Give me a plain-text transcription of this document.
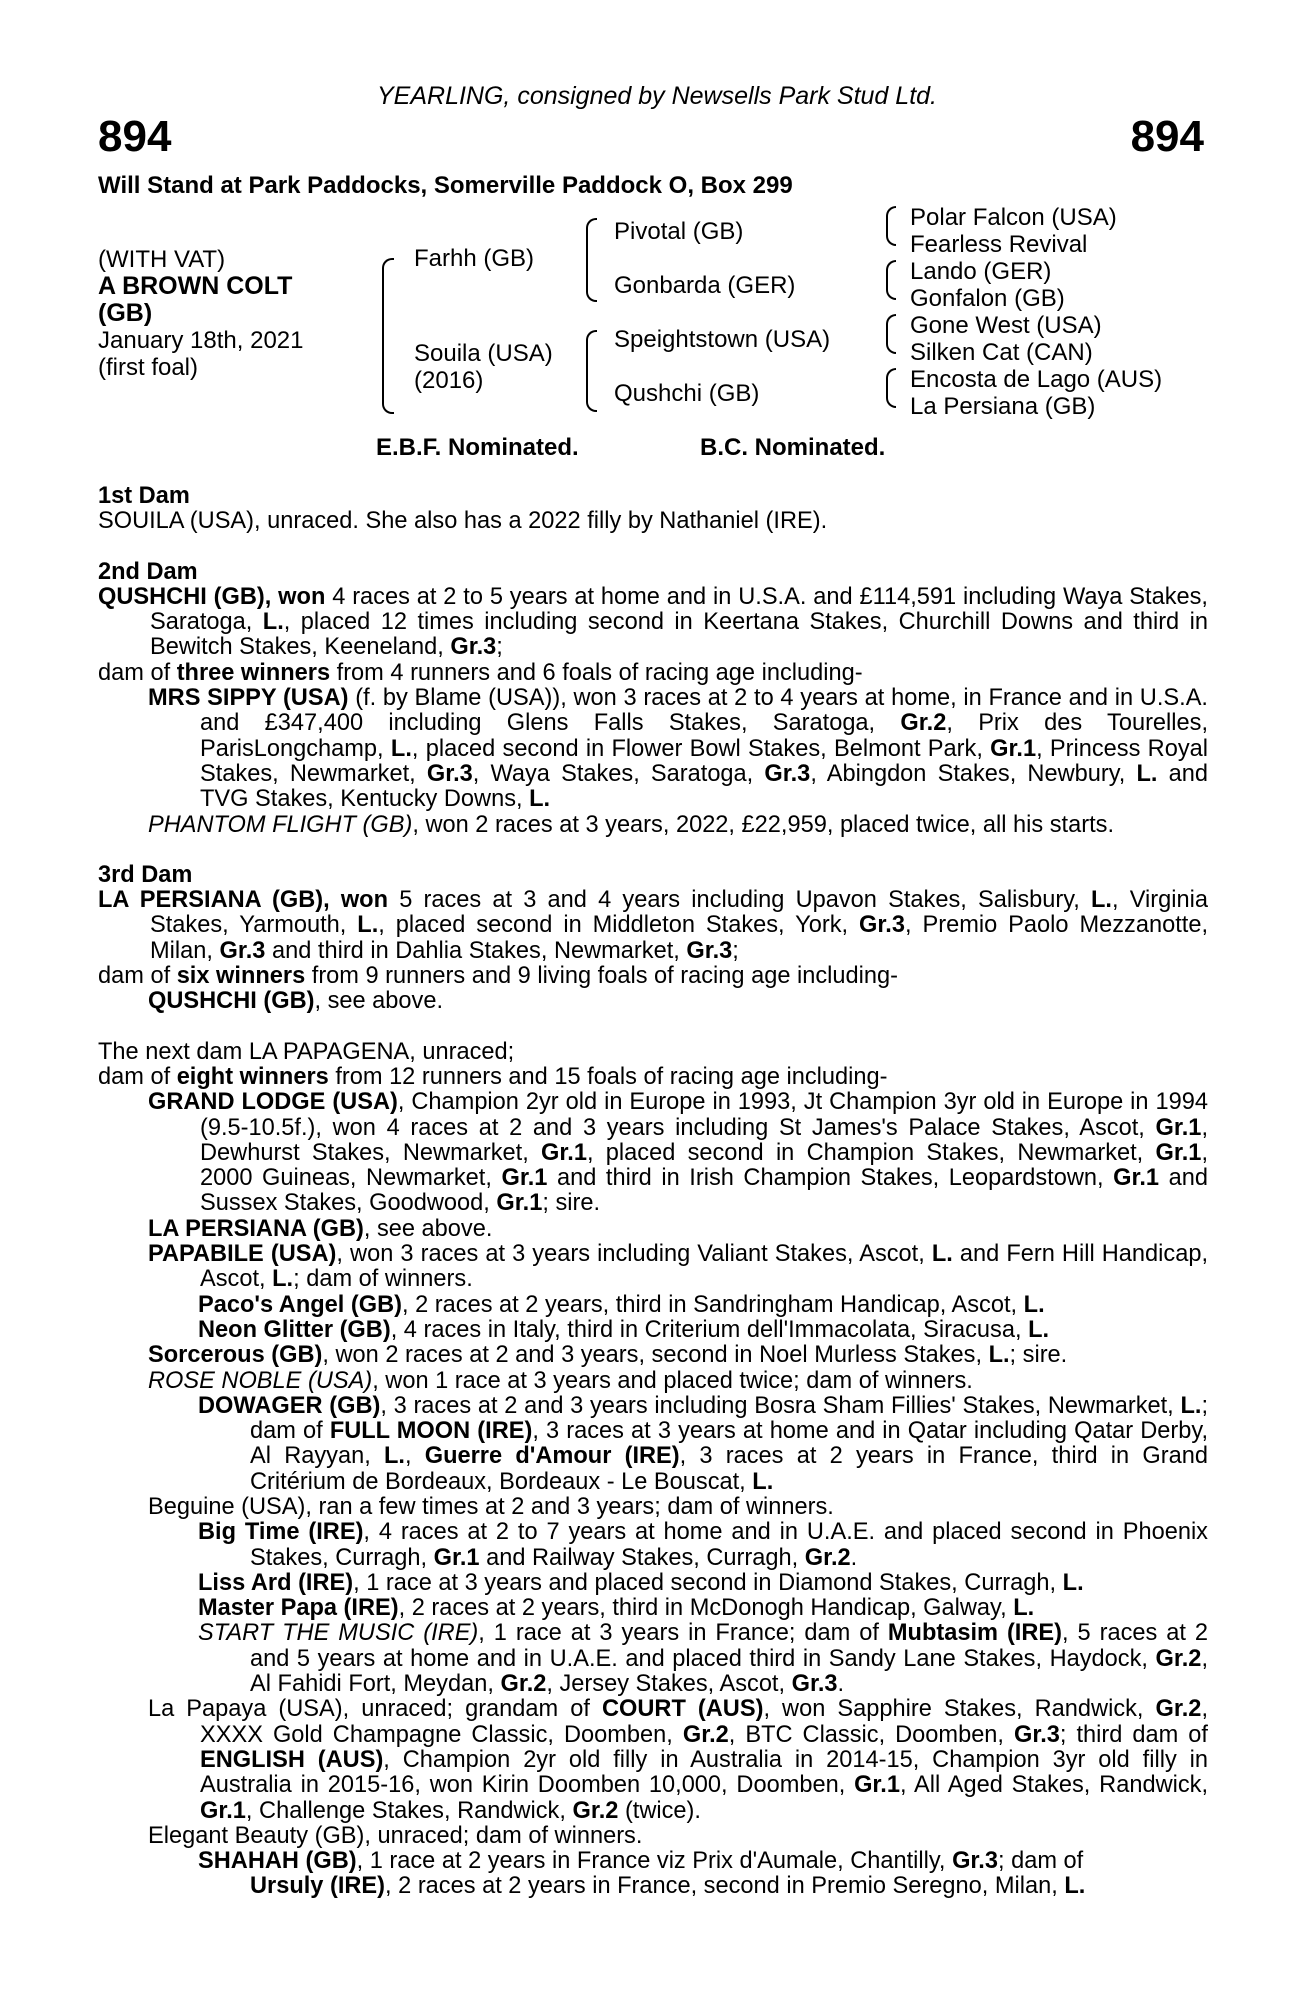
YEARLING, consigned by Newsells Park Stud Ltd.
894	894
Will Stand at Park Paddocks, Somerville Paddock O, Box 299
(WITH VAT)
A BROWN COLT
(GB)
January 18th, 2021
(first foal)
Farhh (GB)
Souila (USA)
(2016)
Pivotal (GB)
Gonbarda (GER)
Speightstown (USA)
Qushchi (GB)
Polar Falcon (USA)
Fearless Revival
Lando (GER)
Gonfalon (GB)
Gone West (USA)
Silken Cat (CAN)
Encosta de Lago (AUS)
La Persiana (GB)
E.B.F. Nominated.	B.C. Nominated.
1st Dam
SOUILA (USA), unraced. She also has a 2022 filly by Nathaniel (IRE).
2nd Dam
QUSHCHI (GB), won 4 races at 2 to 5 years at home and in U.S.A. and £114,591 including Waya Stakes, Saratoga, L., placed 12 times including second in Keertana Stakes, Churchill Downs and third in Bewitch Stakes, Keeneland, Gr.3;
dam of three winners from 4 runners and 6 foals of racing age including-
MRS SIPPY (USA) (f. by Blame (USA)), won 3 races at 2 to 4 years at home, in France and in U.S.A. and £347,400 including Glens Falls Stakes, Saratoga, Gr.2, Prix des Tourelles, ParisLongchamp, L., placed second in Flower Bowl Stakes, Belmont Park, Gr.1, Princess Royal Stakes, Newmarket, Gr.3, Waya Stakes, Saratoga, Gr.3, Abingdon Stakes, Newbury, L. and TVG Stakes, Kentucky Downs, L.
PHANTOM FLIGHT (GB), won 2 races at 3 years, 2022, £22,959, placed twice, all his starts.
3rd Dam
LA PERSIANA (GB), won 5 races at 3 and 4 years including Upavon Stakes, Salisbury, L., Virginia Stakes, Yarmouth, L., placed second in Middleton Stakes, York, Gr.3, Premio Paolo Mezzanotte, Milan, Gr.3 and third in Dahlia Stakes, Newmarket, Gr.3;
dam of six winners from 9 runners and 9 living foals of racing age including-
QUSHCHI (GB), see above.
The next dam LA PAPAGENA, unraced;
dam of eight winners from 12 runners and 15 foals of racing age including-
GRAND LODGE (USA), Champion 2yr old in Europe in 1993, Jt Champion 3yr old in Europe in 1994 (9.5-10.5f.), won 4 races at 2 and 3 years including St James's Palace Stakes, Ascot, Gr.1, Dewhurst Stakes, Newmarket, Gr.1, placed second in Champion Stakes, Newmarket, Gr.1, 2000 Guineas, Newmarket, Gr.1 and third in Irish Champion Stakes, Leopardstown, Gr.1 and Sussex Stakes, Goodwood, Gr.1; sire.
LA PERSIANA (GB), see above.
PAPABILE (USA), won 3 races at 3 years including Valiant Stakes, Ascot, L. and Fern Hill Handicap, Ascot, L.; dam of winners.
Paco's Angel (GB), 2 races at 2 years, third in Sandringham Handicap, Ascot, L.
Neon Glitter (GB), 4 races in Italy, third in Criterium dell'Immacolata, Siracusa, L.
Sorcerous (GB), won 2 races at 2 and 3 years, second in Noel Murless Stakes, L.; sire.
ROSE NOBLE (USA), won 1 race at 3 years and placed twice; dam of winners.
DOWAGER (GB), 3 races at 2 and 3 years including Bosra Sham Fillies' Stakes, Newmarket, L.; dam of FULL MOON (IRE), 3 races at 3 years at home and in Qatar including Qatar Derby, Al Rayyan, L., Guerre d'Amour (IRE), 3 races at 2 years in France, third in Grand Critérium de Bordeaux, Bordeaux - Le Bouscat, L.
Beguine (USA), ran a few times at 2 and 3 years; dam of winners.
Big Time (IRE), 4 races at 2 to 7 years at home and in U.A.E. and placed second in Phoenix Stakes, Curragh, Gr.1 and Railway Stakes, Curragh, Gr.2.
Liss Ard (IRE), 1 race at 3 years and placed second in Diamond Stakes, Curragh, L.
Master Papa (IRE), 2 races at 2 years, third in McDonogh Handicap, Galway, L.
START THE MUSIC (IRE), 1 race at 3 years in France; dam of Mubtasim (IRE), 5 races at 2 and 5 years at home and in U.A.E. and placed third in Sandy Lane Stakes, Haydock, Gr.2, Al Fahidi Fort, Meydan, Gr.2, Jersey Stakes, Ascot, Gr.3.
La Papaya (USA), unraced; grandam of COURT (AUS), won Sapphire Stakes, Randwick, Gr.2, XXXX Gold Champagne Classic, Doomben, Gr.2, BTC Classic, Doomben, Gr.3; third dam of ENGLISH (AUS), Champion 2yr old filly in Australia in 2014-15, Champion 3yr old filly in Australia in 2015-16, won Kirin Doomben 10,000, Doomben, Gr.1, All Aged Stakes, Randwick, Gr.1, Challenge Stakes, Randwick, Gr.2 (twice).
Elegant Beauty (GB), unraced; dam of winners.
SHAHAH (GB), 1 race at 2 years in France viz Prix d'Aumale, Chantilly, Gr.3; dam of
Ursuly (IRE), 2 races at 2 years in France, second in Premio Seregno, Milan, L.
